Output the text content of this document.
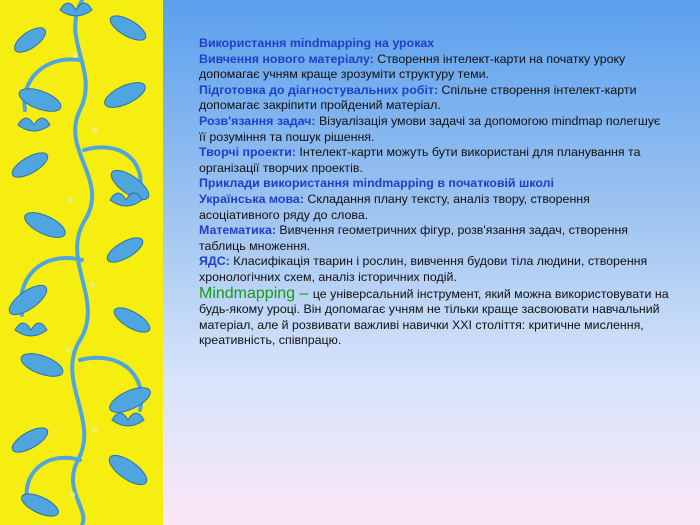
Використання mindmapping на уроках

Вивчення нового матеріалу: Створення інтелект-карти на початку уроку допомагає учням краще зрозуміти структуру теми.

Підготовка до діагностувальних робіт: Спільне створення інтелект-карти допомагає закріпити пройдений матеріал.

Розв'язання задач: Візуалізація умови задачі за допомогою mindmap полегшує її розуміння та пошук рішення.

Творчі проекти: Інтелект-карти можуть бути використані для планування та організації творчих проектів.

Приклади використання mindmapping в початковій школі

Українська мова: Складання плану тексту, аналіз твору, створення асоціативного ряду до слова.

Математика: Вивчення геометричних фігур, розв'язання задач, створення таблиць множення.

ЯДС: Класифікація тварин і рослин, вивчення будови тіла людини, створення хронологічних схем, аналіз історичних подій.

Mindmapping – це універсальний інструмент, який можна використовувати на будь-якому уроці. Він допомагає учням не тільки краще засвоювати навчальний матеріал, але й розвивати важливі навички XXI століття: критичне мислення, креативність, співпрацю.
